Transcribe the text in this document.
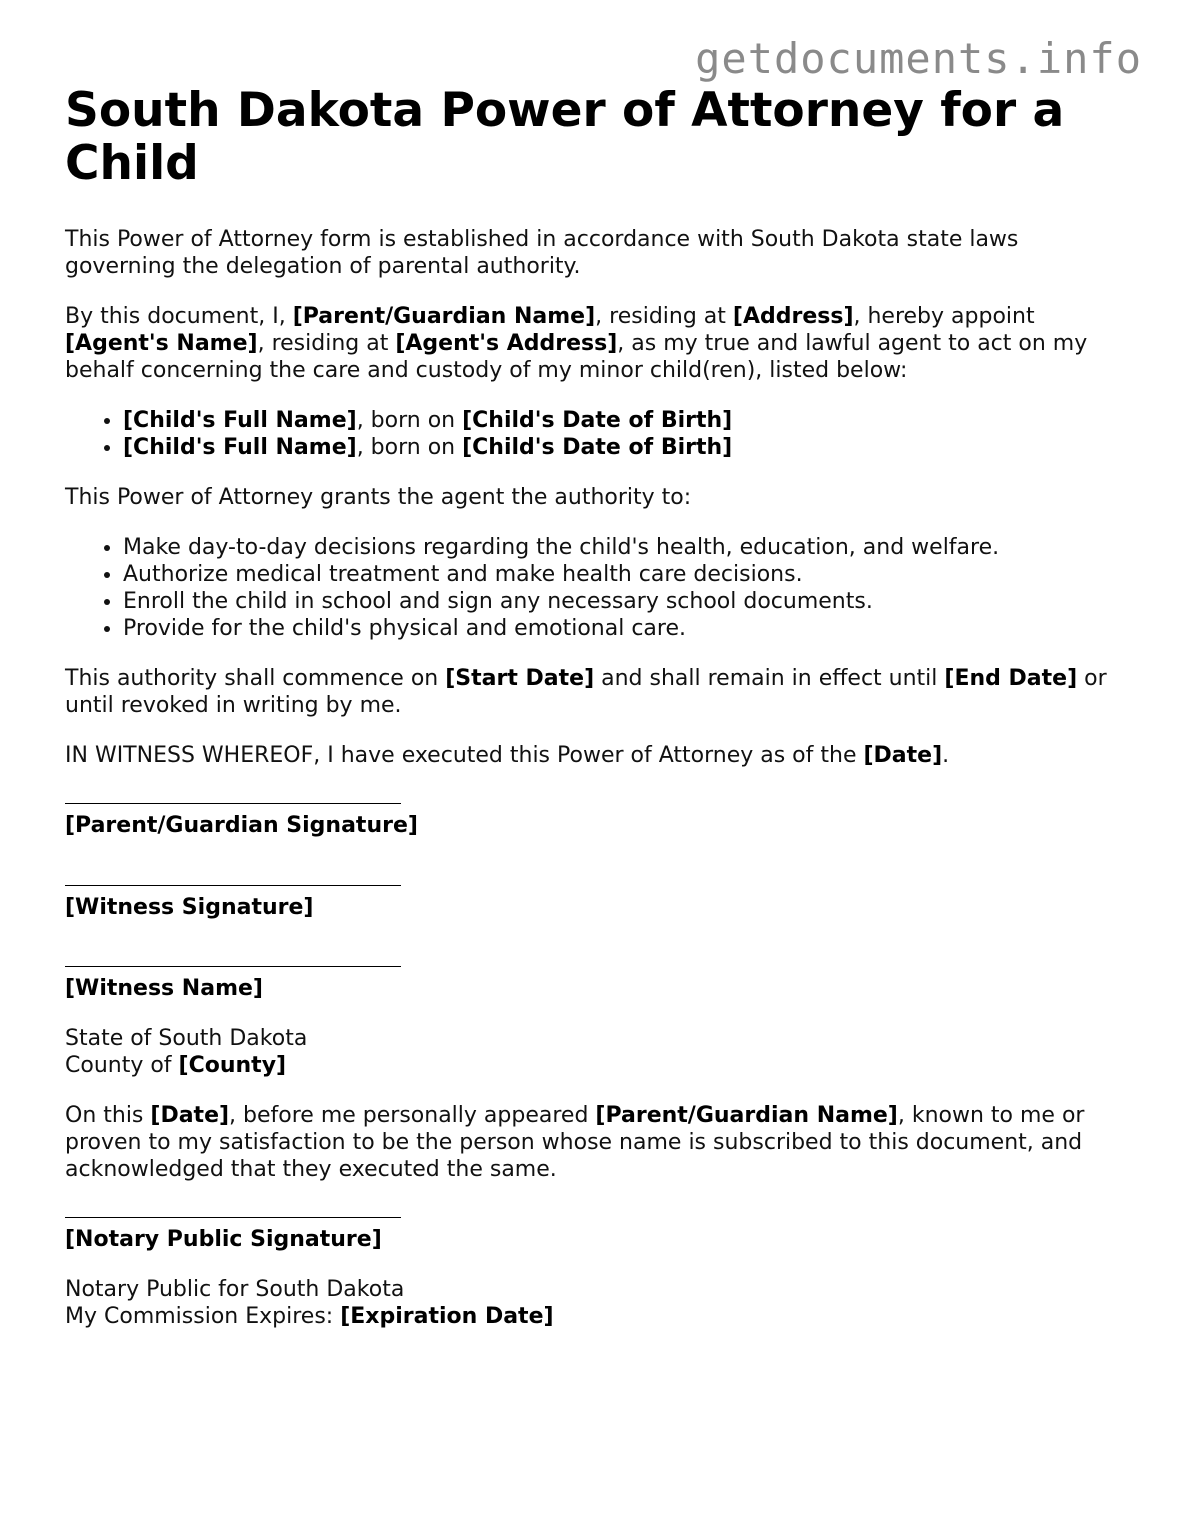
getdocuments.info
South Dakota Power of Attorney for a Child

This Power of Attorney form is established in accordance with South Dakota state laws governing the delegation of parental authority.

By this document, I, [Parent/Guardian Name], residing at [Address], hereby appoint [Agent's Name], residing at [Agent's Address], as my true and lawful agent to act on my behalf concerning the care and custody of my minor child(ren), listed below:

• [Child's Full Name], born on [Child's Date of Birth]
• [Child's Full Name], born on [Child's Date of Birth]

This Power of Attorney grants the agent the authority to:

• Make day-to-day decisions regarding the child's health, education, and welfare.
• Authorize medical treatment and make health care decisions.
• Enroll the child in school and sign any necessary school documents.
• Provide for the child's physical and emotional care.

This authority shall commence on [Start Date] and shall remain in effect until [End Date] or until revoked in writing by me.

IN WITNESS WHEREOF, I have executed this Power of Attorney as of the [Date].

[Parent/Guardian Signature]
[Witness Signature]
[Witness Name]

State of South Dakota
County of [County]

On this [Date], before me personally appeared [Parent/Guardian Name], known to me or proven to my satisfaction to be the person whose name is subscribed to this document, and acknowledged that they executed the same.

[Notary Public Signature]

Notary Public for South Dakota
My Commission Expires: [Expiration Date]
